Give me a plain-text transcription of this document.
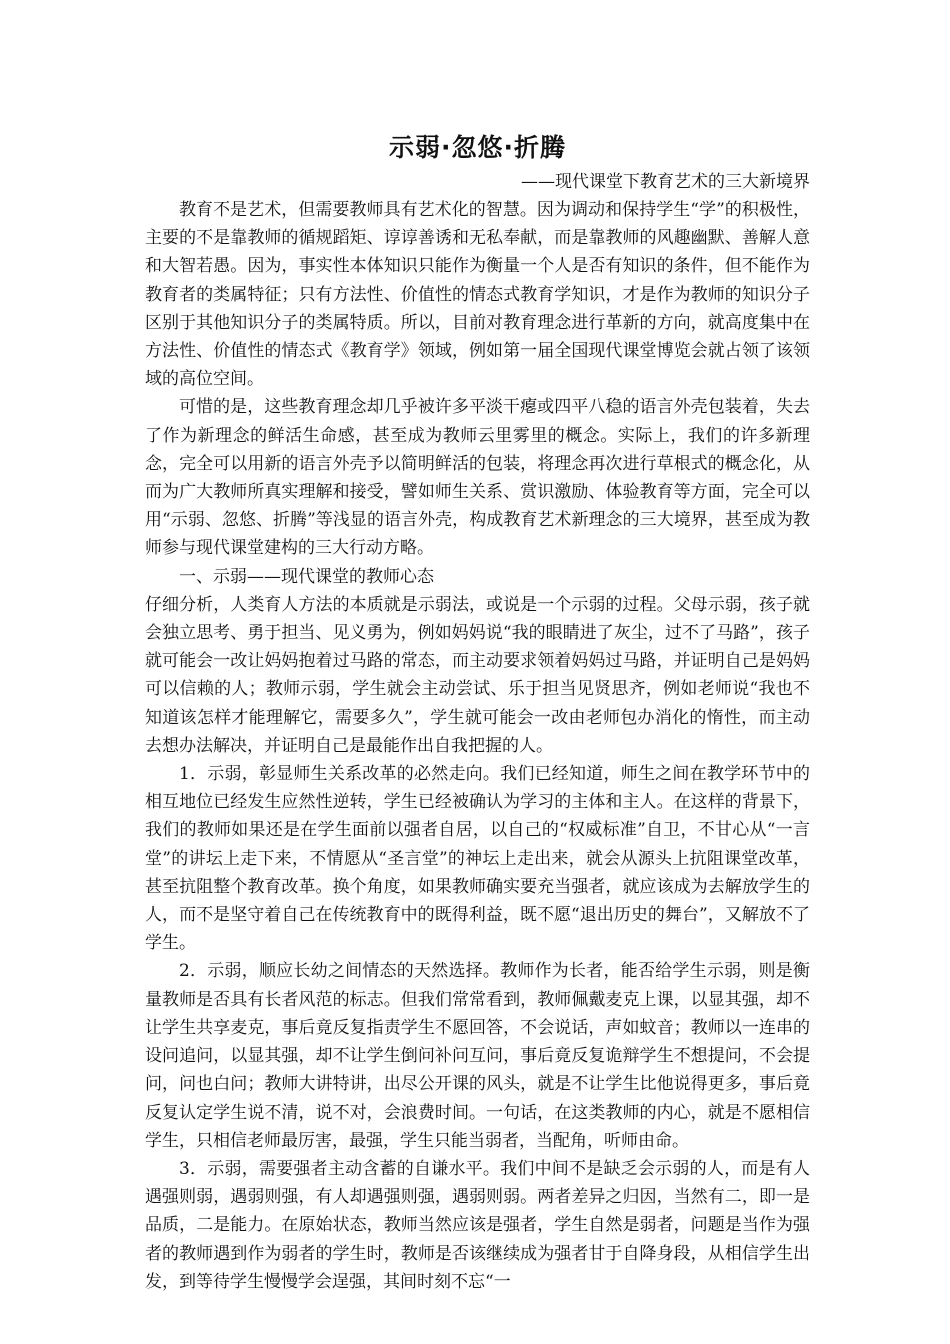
示弱·忽悠·折腾

——现代课堂下教育艺术的三大新境界

教育不是艺术，但需要教师具有艺术化的智慧。因为调动和保持学生“学”的积极性，主要的不是靠教师的循规蹈矩、谆谆善诱和无私奉献，而是靠教师的风趣幽默、善解人意和大智若愚。因为，事实性本体知识只能作为衡量一个人是否有知识的条件，但不能作为教育者的类属特征；只有方法性、价值性的情态式教育学知识，才是作为教师的知识分子区别于其他知识分子的类属特质。所以，目前对教育理念进行革新的方向，就高度集中在方法性、价值性的情态式《教育学》领域，例如第一届全国现代课堂博览会就占领了该领域的高位空间。

可惜的是，这些教育理念却几乎被许多平淡干瘪或四平八稳的语言外壳包装着，失去了作为新理念的鲜活生命感，甚至成为教师云里雾里的概念。实际上，我们的许多新理念，完全可以用新的语言外壳予以简明鲜活的包装，将理念再次进行草根式的概念化，从而为广大教师所真实理解和接受，譬如师生关系、赏识激励、体验教育等方面，完全可以用“示弱、忽悠、折腾”等浅显的语言外壳，构成教育艺术新理念的三大境界，甚至成为教师参与现代课堂建构的三大行动方略。

一、示弱——现代课堂的教师心态

仔细分析，人类育人方法的本质就是示弱法，或说是一个示弱的过程。父母示弱，孩子就会独立思考、勇于担当、见义勇为，例如妈妈说“我的眼睛进了灰尘，过不了马路”，孩子就可能会一改让妈妈抱着过马路的常态，而主动要求领着妈妈过马路，并证明自己是妈妈可以信赖的人；教师示弱，学生就会主动尝试、乐于担当见贤思齐，例如老师说“我也不知道该怎样才能理解它，需要多久”，学生就可能会一改由老师包办消化的惰性，而主动去想办法解决，并证明自己是最能作出自我把握的人。

1．示弱，彰显师生关系改革的必然走向。我们已经知道，师生之间在教学环节中的相互地位已经发生应然性逆转，学生已经被确认为学习的主体和主人。在这样的背景下，我们的教师如果还是在学生面前以强者自居，以自己的“权威标准”自卫，不甘心从“一言堂”的讲坛上走下来，不情愿从“圣言堂”的神坛上走出来，就会从源头上抗阻课堂改革，甚至抗阻整个教育改革。换个角度，如果教师确实要充当强者，就应该成为去解放学生的人，而不是坚守着自己在传统教育中的既得利益，既不愿“退出历史的舞台”，又解放不了学生。

2．示弱，顺应长幼之间情态的天然选择。教师作为长者，能否给学生示弱，则是衡量教师是否具有长者风范的标志。但我们常常看到，教师佩戴麦克上课，以显其强，却不让学生共享麦克，事后竟反复指责学生不愿回答，不会说话，声如蚊音；教师以一连串的设问追问，以显其强，却不让学生倒问补问互问，事后竟反复诡辩学生不想提问，不会提问，问也白问；教师大讲特讲，出尽公开课的风头，就是不让学生比他说得更多，事后竟反复认定学生说不清，说不对，会浪费时间。一句话，在这类教师的内心，就是不愿相信学生，只相信老师最厉害，最强，学生只能当弱者，当配角，听师由命。

3．示弱，需要强者主动含蓄的自谦水平。我们中间不是缺乏会示弱的人，而是有人遇强则弱，遇弱则强，有人却遇强则强，遇弱则弱。两者差异之归因，当然有二，即一是品质，二是能力。在原始状态，教师当然应该是强者，学生自然是弱者，问题是当作为强者的教师遇到作为弱者的学生时，教师是否该继续成为强者甘于自降身段，从相信学生出发，到等待学生慢慢学会逞强，其间时刻不忘“一
